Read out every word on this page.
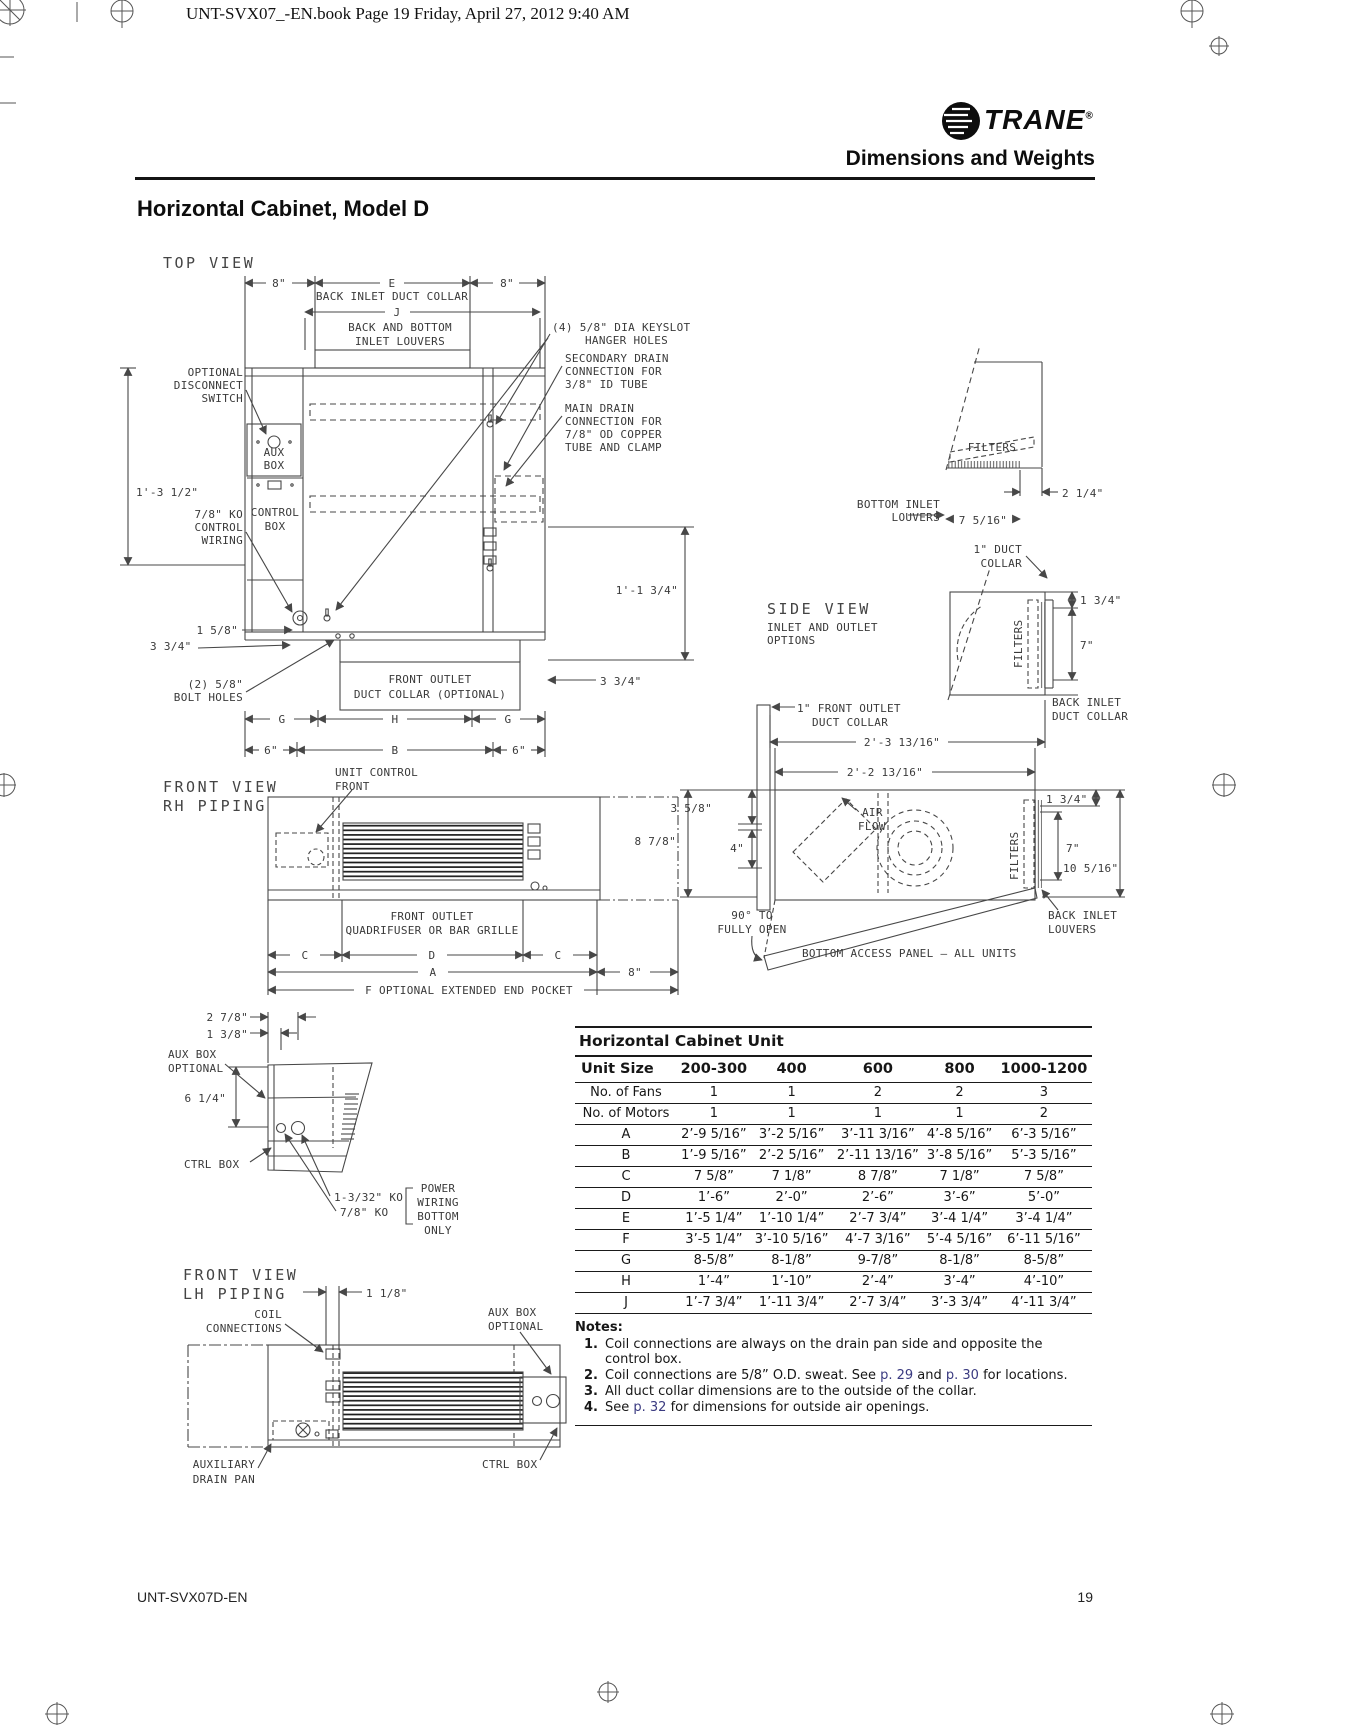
TOP VIEW
8"	E	8"
BACK INLET DUCT COLLAR
J
BACK AND BOTTOM
INLET LOUVERS
(4) 5/8" DIA KEYSLOT
HANGER HOLES
SECONDARY DRAIN
CONNECTION FOR
3/8" ID TUBE
MAIN DRAIN
CONNECTION FOR
7/8" OD COPPER
TUBE AND CLAMP
OPTIONAL
DISCONNECT
SWITCH
AUX
BOX
CONTROL
BOX
1'-3 1/2"
7/8" KO
CONTROL
WIRING
1 5/8"
3 3/4"
(2) 5/8"
BOLT HOLES
1'-1 3/4"
3 3/4"
FRONT OUTLET
DUCT COLLAR (OPTIONAL)
G	H	G
6"	B	6"
FILTERS
2 1/4"
BOTTOM INLET
LOUVERS 7 5/16"
SIDE VIEW
INLET AND OUTLET
OPTIONS
1" DUCT
COLLAR
1 3/4"
7"
FILTERS
BACK INLET
DUCT COLLAR
1" FRONT OUTLET
DUCT COLLAR
2'-3 13/16"
2'-2 13/16"
AIR
FLOW
FILTERS
3 5/8"
8 7/8"
4"
1 3/4"
7"
10 5/16"
90° TO
FULLY OPEN
BACK INLET
LOUVERS
BOTTOM ACCESS PANEL – ALL UNITS
FRONT VIEW
RH PIPING
UNIT CONTROL
FRONT
FRONT OUTLET
QUADRIFUSER OR BAR GRILLE
C	D	C
A	8"
F OPTIONAL EXTENDED END POCKET
2 7/8"
1 3/8"
AUX BOX
OPTIONAL
6 1/4"
CTRL BOX
1-3/32" KO
7/8" KO
POWER
WIRING
BOTTOM
ONLY
FRONT VIEW
LH PIPING	1 1/8"
COIL
CONNECTIONS
AUX BOX
OPTIONAL
AUXILIARY
DRAIN PAN
CTRL BOX
UNT-SVX07_-EN.book Page 19 Friday, April 27, 2012 9:40 AM
TRANE®
Dimensions and Weights
Horizontal Cabinet, Model D
Horizontal Cabinet Unit
Unit Size	200-300	400	600	800	1000-1200
No. of Fans	1	1	2	2	3
No. of Motors	1	1	1	1	2
A	2’-9 5/16”	3’-2 5/16”	3’-11 3/16”	4’-8 5/16”	6’-3 5/16”
B	1’-9 5/16”	2’-2 5/16”	2’-11 13/16”	3’-8 5/16”	5’-3 5/16”
C	7 5/8”	7 1/8”	8 7/8”	7 1/8”	7 5/8”
D	1’-6”	2’-0”	2’-6”	3’-6”	5’-0”
E	1’-5 1/4”	1’-10 1/4”	2’-7 3/4”	3’-4 1/4”	3’-4 1/4”
F	3’-5 1/4”	3’-10 5/16”	4’-7 3/16”	5’-4 5/16”	6’-11 5/16”
G	8-5/8”	8-1/8”	9-7/8”	8-1/8”	8-5/8”
H	1’-4”	1’-10”	2’-4”	3’-4”	4’-10”
J	1’-7 3/4”	1’-11 3/4”	2’-7 3/4”	3’-3 3/4”	4’-11 3/4”
Notes:
1. Coil connections are always on the drain pan side and opposite the control box.
2. Coil connections are 5/8” O.D. sweat. See p. 29 and p. 30 for locations.
3. All duct collar dimensions are to the outside of the collar.
4. See p. 32 for dimensions for outside air openings.
UNT-SVX07D-EN	19
